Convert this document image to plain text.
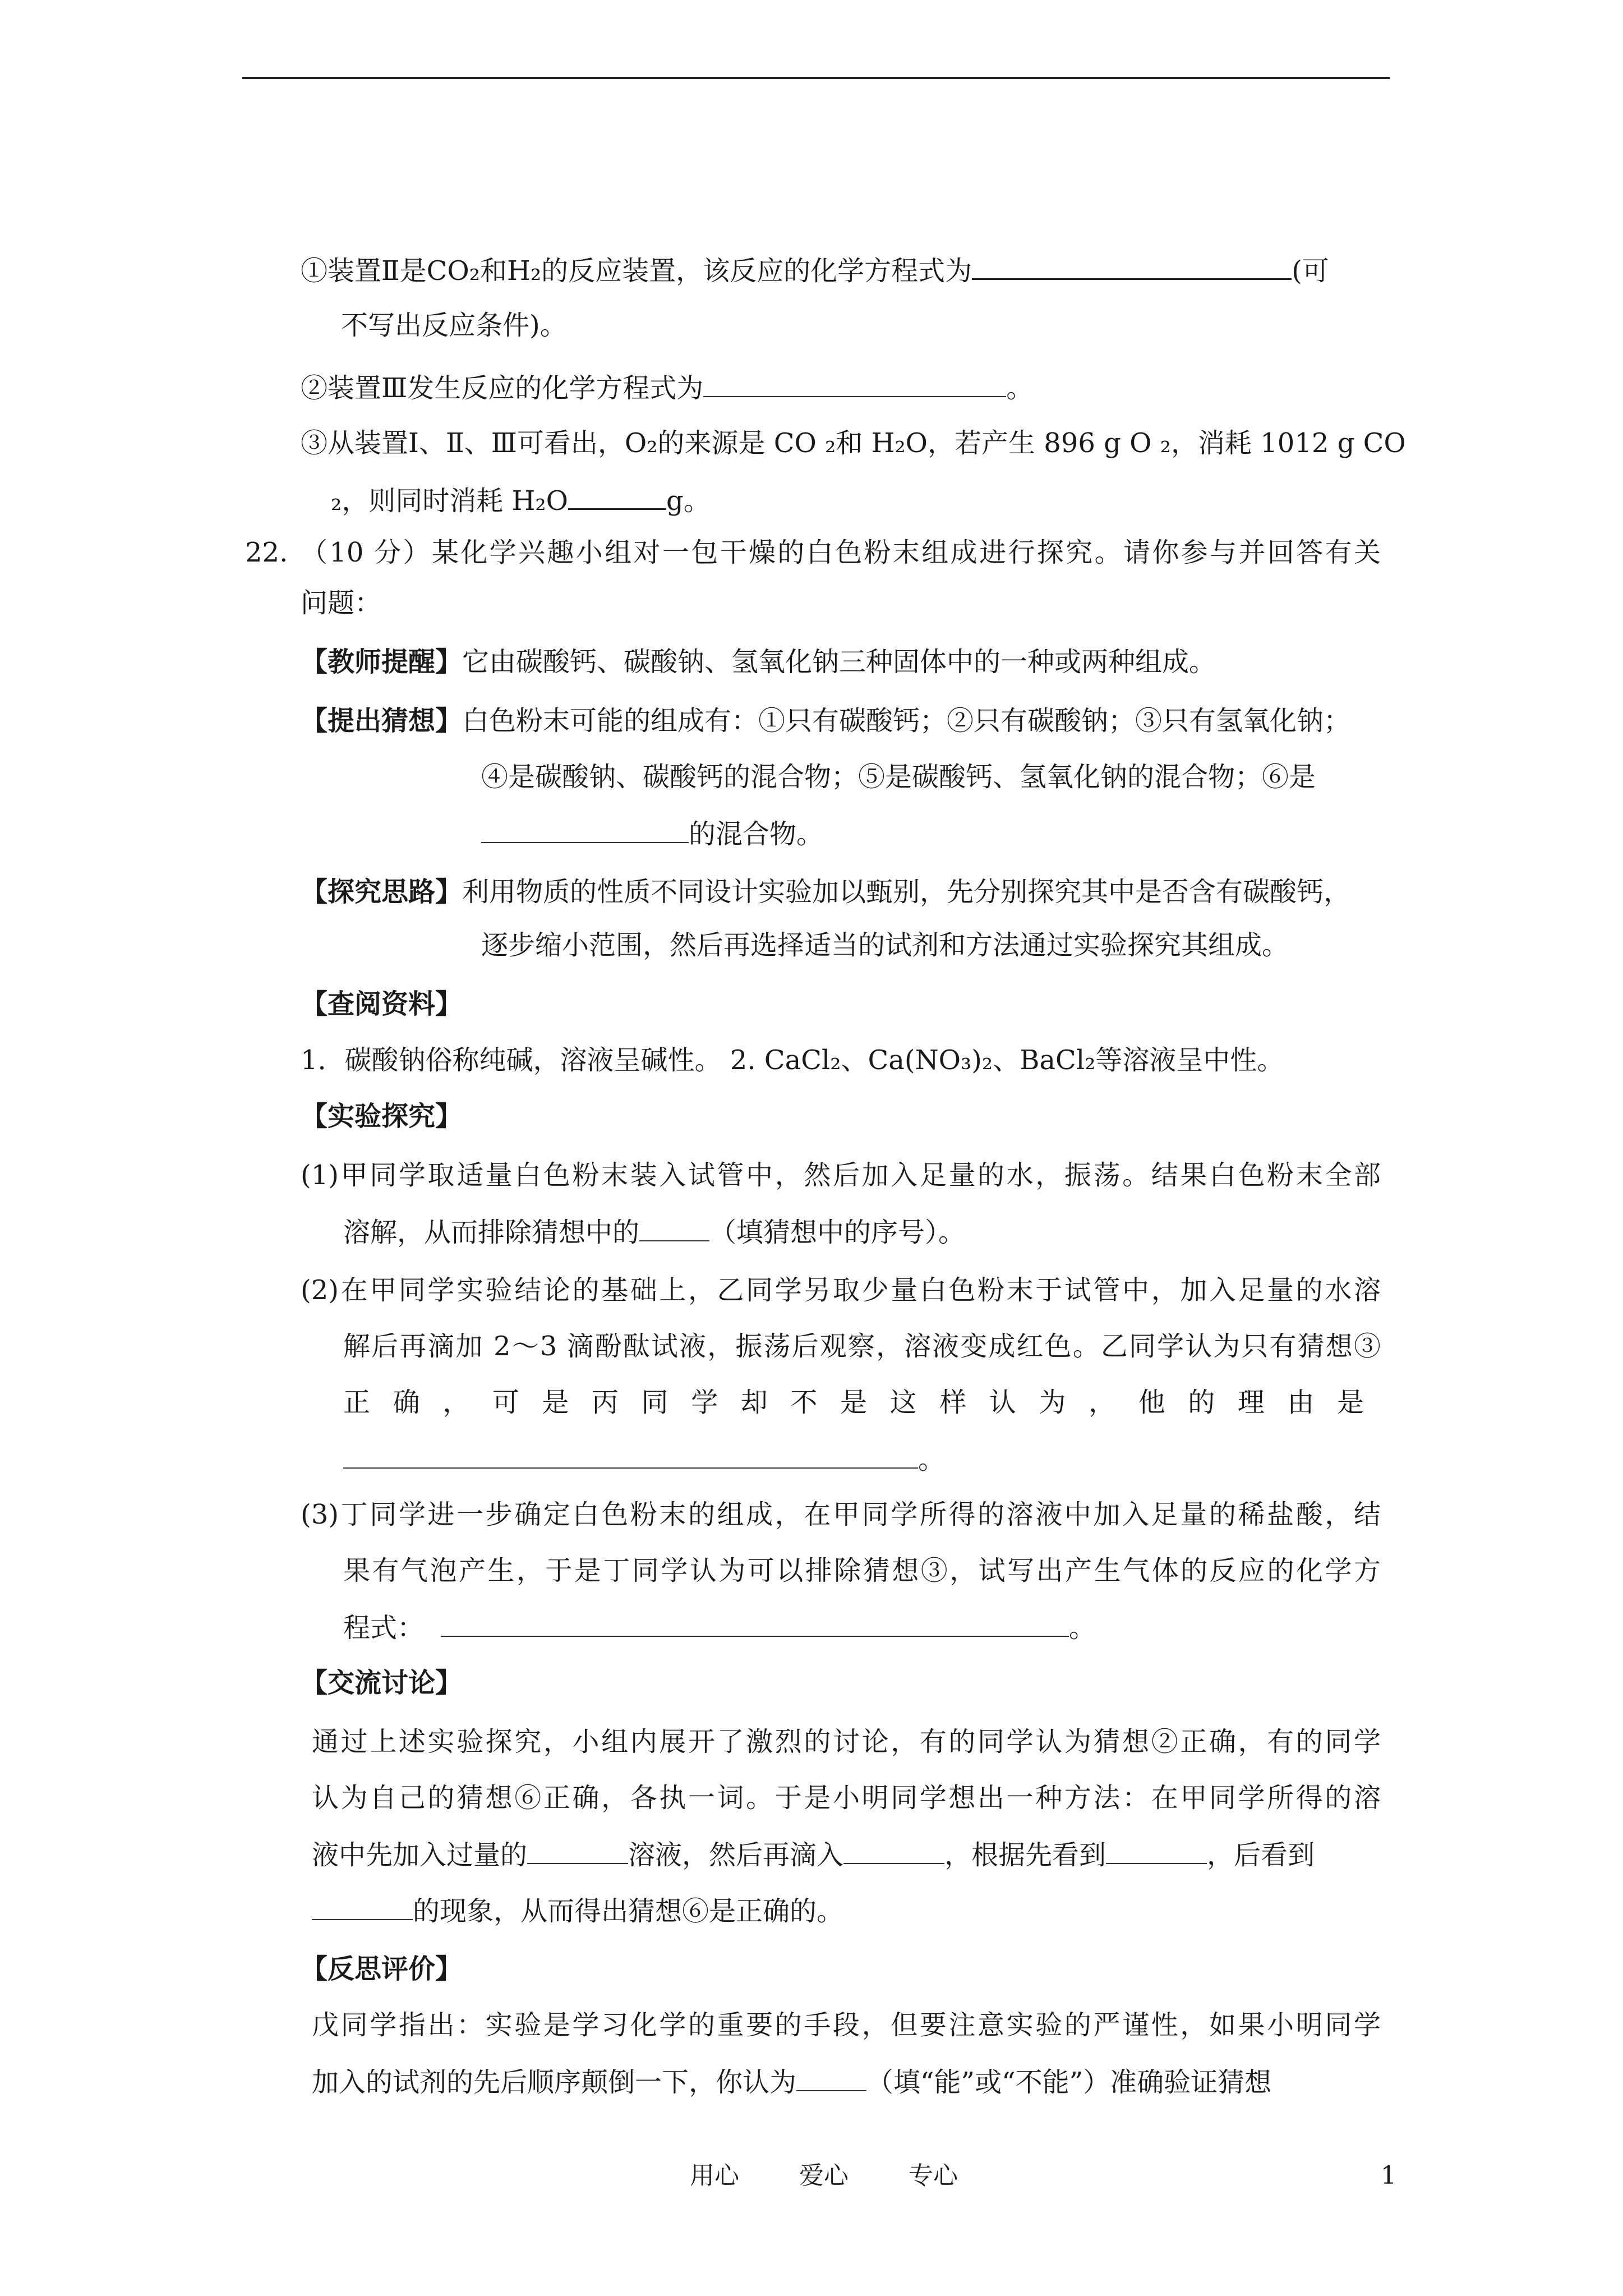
①装置Ⅱ是CO₂和H₂的反应装置，该反应的化学方程式为	(可
不写出反应条件)。
②装置Ⅲ发生反应的化学方程式为	。
③从装置Ⅰ、Ⅱ、Ⅲ可看出，O₂的来源是 CO ₂和 H₂O，若产生 896 g O ₂，消耗 1012 g CO
₂，则同时消耗 H₂O	g。
22. （10 分）某化学兴趣小组对一包干燥的白色粉末组成进行探究。请你参与并回答有关
问题：
【教师提醒】它由碳酸钙、碳酸钠、氢氧化钠三种固体中的一种或两种组成。
【提出猜想】白色粉末可能的组成有：①只有碳酸钙；②只有碳酸钠；③只有氢氧化钠；
④是碳酸钠、碳酸钙的混合物；⑤是碳酸钙、氢氧化钠的混合物；⑥是
的混合物。
【探究思路】利用物质的性质不同设计实验加以甄别，先分别探究其中是否含有碳酸钙，
逐步缩小范围，然后再选择适当的试剂和方法通过实验探究其组成。
【查阅资料】
1．碳酸钠俗称纯碱，溶液呈碱性。 2. CaCl₂、Ca(NO₃)₂、BaCl₂等溶液呈中性。
【实验探究】
(1)甲同学取适量白色粉末装入试管中，然后加入足量的水，振荡。结果白色粉末全部
溶解，从而排除猜想中的	（填猜想中的序号）。
(2)在甲同学实验结论的基础上，乙同学另取少量白色粉末于试管中，加入足量的水溶
解后再滴加 2～3 滴酚酞试液，振荡后观察，溶液变成红色。乙同学认为只有猜想③
正确，可是丙同学却不是这样认为，他的理由是
。
(3)丁同学进一步确定白色粉末的组成，在甲同学所得的溶液中加入足量的稀盐酸，结
果有气泡产生，于是丁同学认为可以排除猜想③，试写出产生气体的反应的化学方
程式：	。
【交流讨论】
通过上述实验探究，小组内展开了激烈的讨论，有的同学认为猜想②正确，有的同学
认为自己的猜想⑥正确，各执一词。于是小明同学想出一种方法：在甲同学所得的溶
液中先加入过量的	溶液，然后再滴入	，根据先看到	，后看到
的现象，从而得出猜想⑥是正确的。
【反思评价】
戊同学指出：实验是学习化学的重要的手段，但要注意实验的严谨性，如果小明同学
加入的试剂的先后顺序颠倒一下，你认为	（填“能”或“不能”）准确验证猜想
用心 爱心 专心	1
